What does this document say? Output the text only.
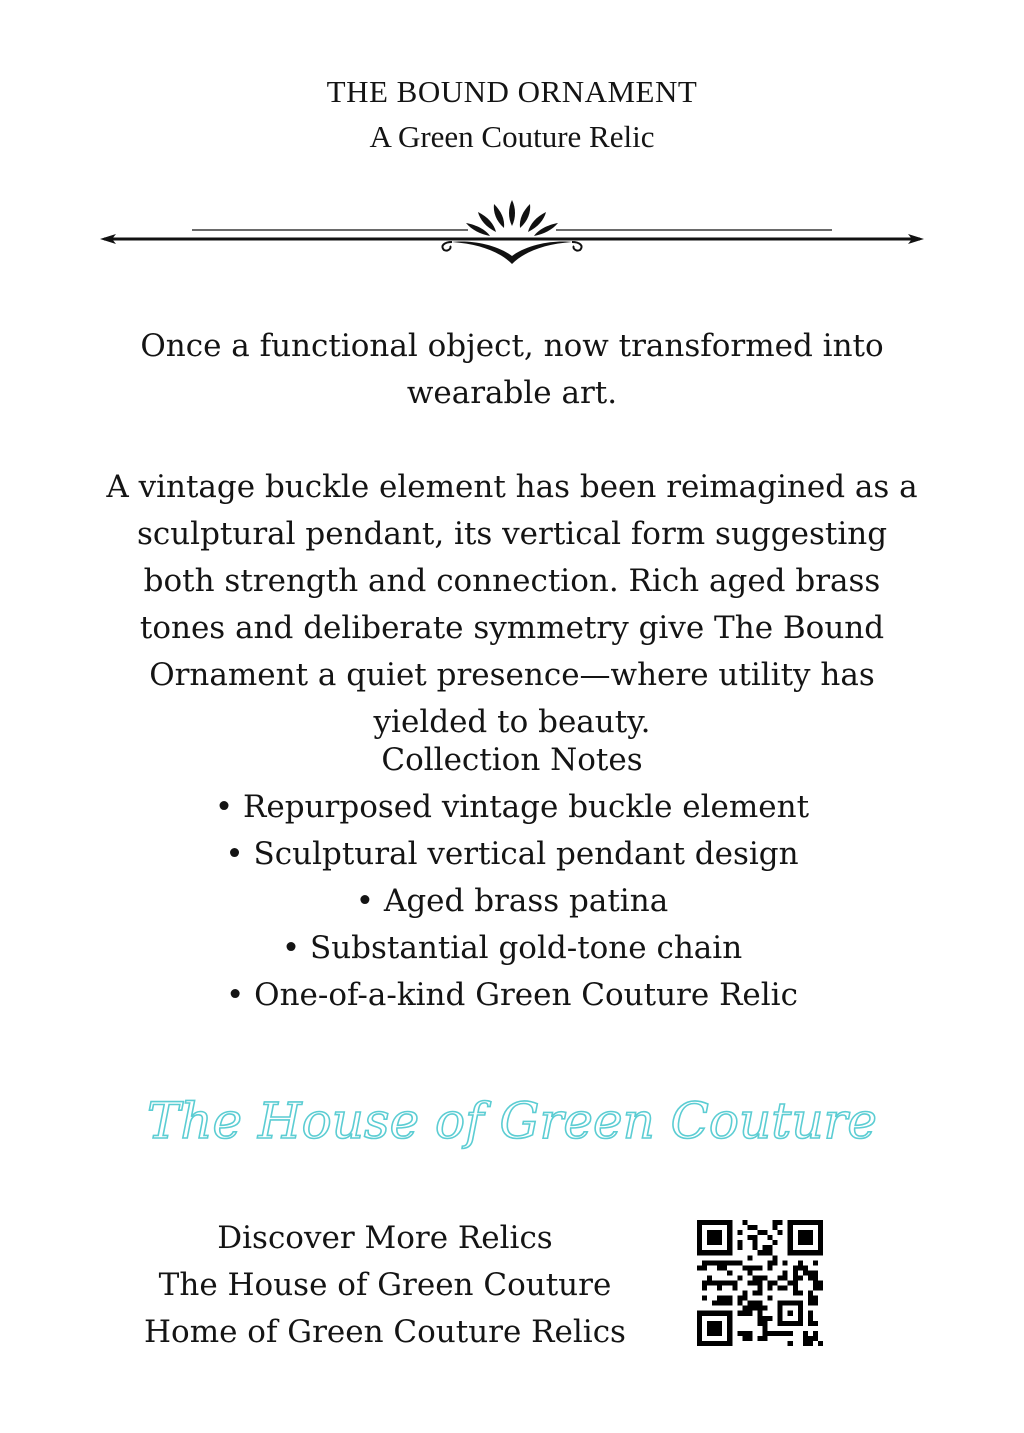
THE BOUND ORNAMENT
A Green Couture Relic
Once a functional object, now transformed into wearable art.
A vintage buckle element has been reimagined as a sculptural pendant, its vertical form suggesting both strength and connection. Rich aged brass tones and deliberate symmetry give The Bound Ornament a quiet presence—where utility has yielded to beauty.
Collection Notes
• Repurposed vintage buckle element
• Sculptural vertical pendant design
• Aged brass patina
• Substantial gold-tone chain
• One-of-a-kind Green Couture Relic
The House of Green Couture
Discover More Relics
The House of Green Couture
Home of Green Couture Relics
